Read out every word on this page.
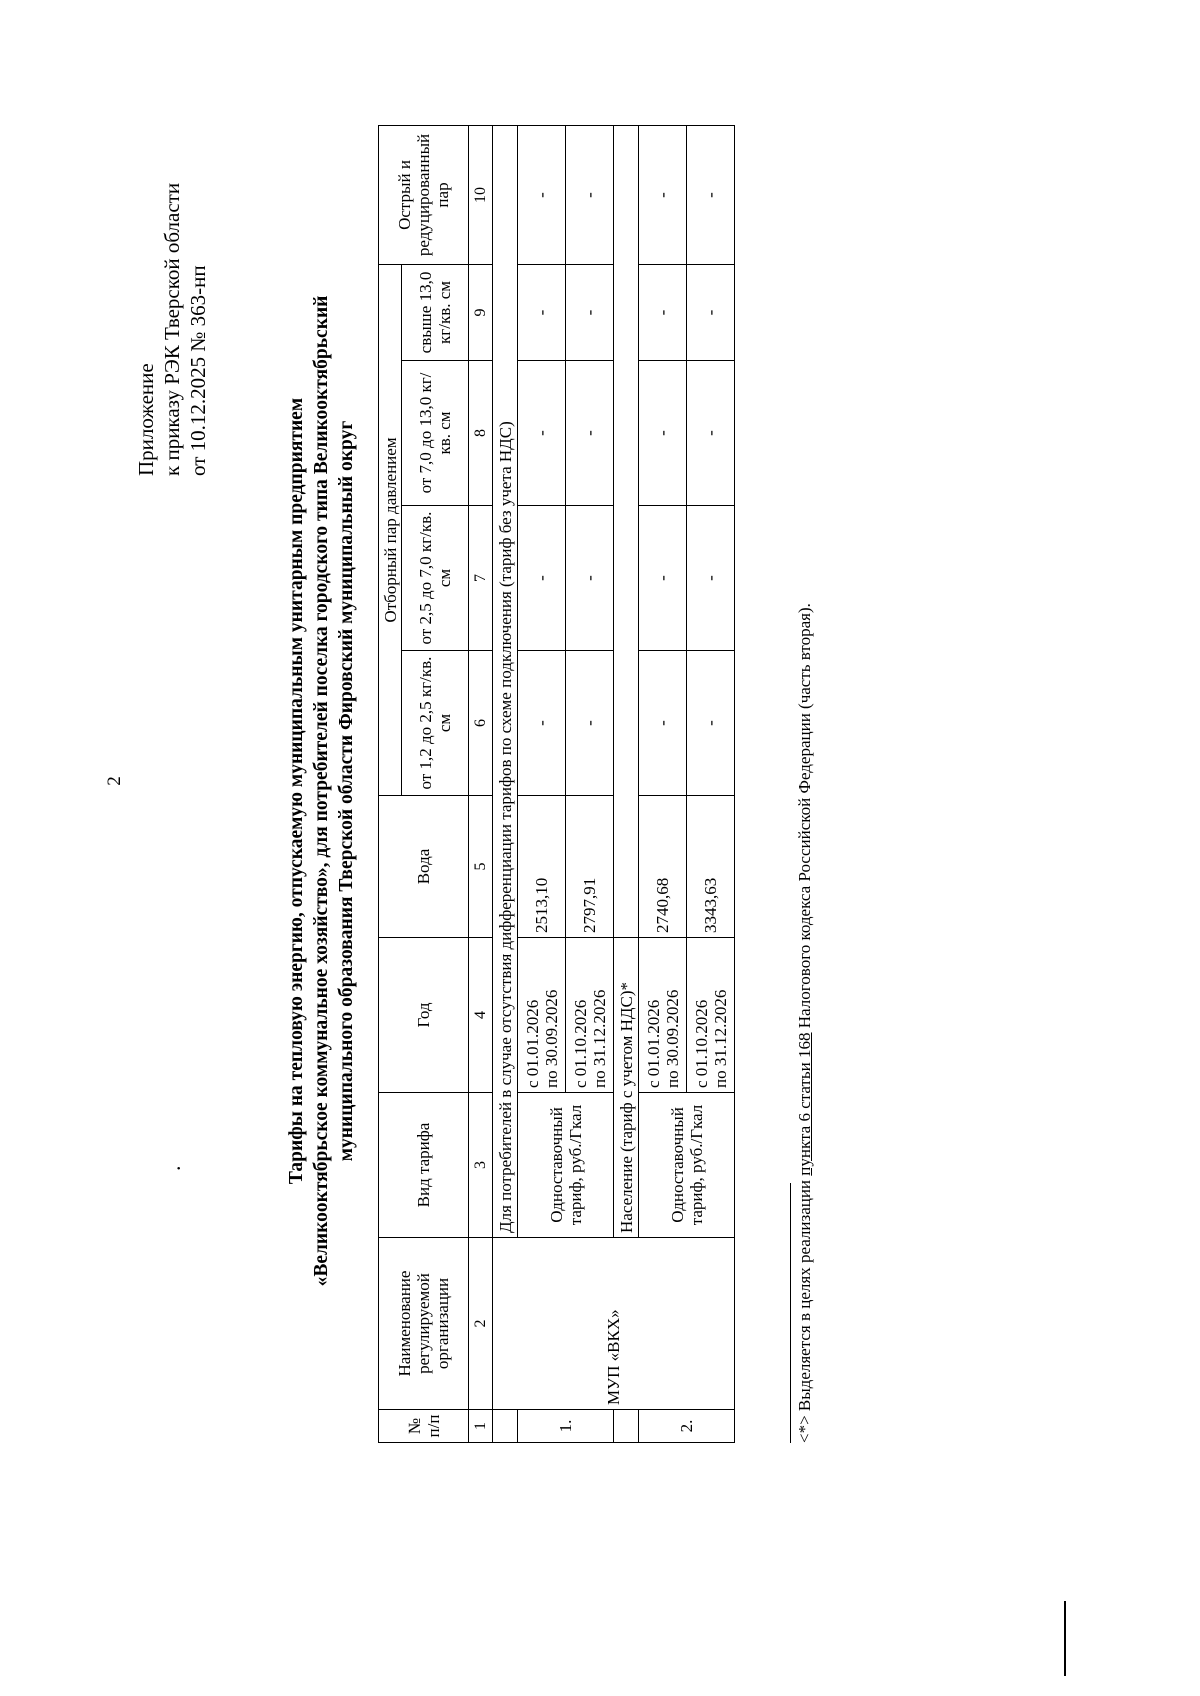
2
.
Приложение к приказу РЭК Тверской области от 10.12.2025 № 363-нп
Тарифы на тепловую энергию, отпускаемую муниципальным унитарным предприятием «Великооктябрьское коммунальное хозяйство», для потребителей поселка городского типа Великооктябрьский муниципального образования Тверской области Фировский муниципальный округ
№ п/п	Наименование регулируемой организации	Вид тарифа	Год	Вода	Отборный пар давлением				Острый и редуцированный пар
					от 1,2 до 2,5 кг/кв. см	от 2,5 до 7,0 кг/кв. см	от 7,0 до 13,0 кг/кв. см	свыше 13,0 кг/кв. см	
1	2	3	4	5	6	7	8	9	10
	МУП «ВКХ»	Для потребителей в случае отсутствия дифференциации тарифов по схеме подключения (тариф без учета НДС)							
1.		Одноставочный тариф, руб./Гкал	с 01.01.2026 по 30.09.2026	2513,10	-	-	-	-	-

			с 01.10.2026 по 31.12.2026	2797,91	-	-	-	-	-
		Население (тариф с учетом НДС)*							
2.		Одноставочный тариф, руб./Гкал	с 01.01.2026 по 30.09.2026	2740,68	-	-	-	-	-

			с 01.10.2026 по 31.12.2026	3343,63	-	-	-	-	-
<*> Выделяется в целях реализации пункта 6 статьи 168 Налогового кодекса Российской Федерации (часть вторая).
